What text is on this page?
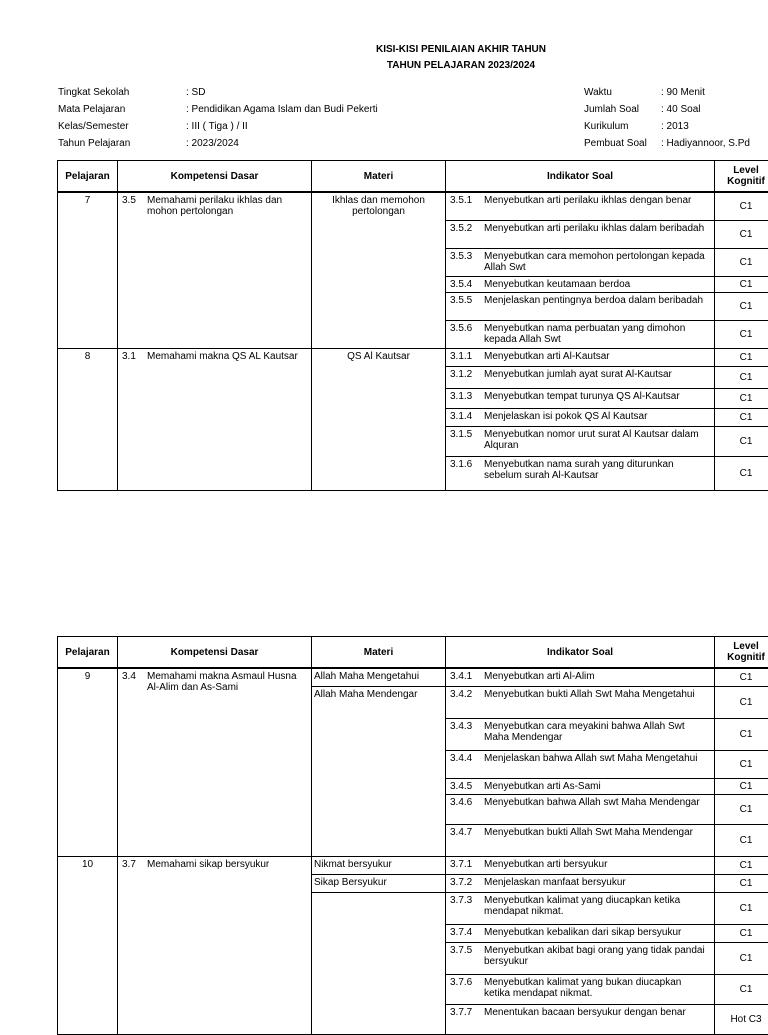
KISI-KISI PENILAIAN AKHIR TAHUN
TAHUN PELAJARAN 2023/2024
Tingkat Sekolah	: SD
Mata Pelajaran	: Pendidikan Agama Islam dan Budi Pekerti
Kelas/Semester	: III ( Tiga ) / II
Tahun Pelajaran	: 2023/2024
Waktu	: 90 Menit
Jumlah Soal : 40 Soal
Kurikulum	: 2013
Pembuat Soal : Hadiyannoor, S.Pd
Pelajaran	Kompetensi Dasar	Materi	Indikator Soal	Level
Kognitif

7	3.5 Memahami perilaku ikhlas dan mohon pertolongan	Ikhlas dan memohon pertolongan	3.5.1 Menyebutkan arti perilaku ikhlas dengan benar	C1

			3.5.2 Menyebutkan arti perilaku ikhlas dalam beribadah	C1

			3.5.3 Menyebutkan cara memohon pertolongan kepada Allah Swt	C1

			3.5.4 Menyebutkan keutamaan berdoa	C1

			3.5.5 Menjelaskan pentingnya berdoa dalam beribadah	C1

			3.5.6 Menyebutkan nama perbuatan yang dimohon kepada Allah Swt	C1
8	3.1 Memahami makna QS AL Kautsar	QS Al Kautsar	3.1.1 Menyebutkan arti Al-Kautsar	C1

			3.1.2 Menyebutkan jumlah ayat surat Al-Kautsar	C1

			3.1.3 Menyebutkan tempat turunya QS Al-Kautsar	C1

			3.1.4 Menjelaskan isi pokok QS Al Kautsar	C1

			3.1.5 Menyebutkan nomor urut surat Al Kautsar dalam Alquran	C1

			3.1.6 Menyebutkan nama surah yang diturunkan sebelum surah Al-Kautsar	C1
Pelajaran	Kompetensi Dasar	Materi	Indikator Soal	Level
Kognitif

9	3.4 Memahami makna Asmaul Husna Al-Alim dan As-Sami	Allah Maha Mengetahui	3.4.1 Menyebutkan arti Al-Alim	C1
		Allah Maha Mendengar	3.4.2 Menyebutkan bukti Allah Swt Maha Mengetahui	C1

			3.4.3 Menyebutkan cara meyakini bahwa Allah Swt Maha Mendengar	C1

			3.4.4 Menjelaskan bahwa Allah swt Maha Mengetahui	C1

			3.4.5 Menyebutkan arti As-Sami	C1

			3.4.6 Menyebutkan bahwa Allah swt Maha Mendengar	C1

			3.4.7 Menyebutkan bukti Allah Swt Maha Mendengar	C1
10	3.7 Memahami sikap bersyukur	Nikmat bersyukur	3.7.1 Menyebutkan arti bersyukur	C1
		Sikap Bersyukur	3.7.2 Menjelaskan manfaat bersyukur	C1

			3.7.3 Menyebutkan kalimat yang diucapkan ketika mendapat nikmat.	C1

			3.7.4 Menyebutkan kebalikan dari sikap bersyukur	C1

			3.7.5 Menyebutkan akibat bagi orang yang tidak pandai bersyukur	C1

			3.7.6 Menyebutkan kalimat yang bukan diucapkan ketika mendapat nikmat.	C1

			3.7.7 Menentukan bacaan bersyukur dengan benar	Hot C3
